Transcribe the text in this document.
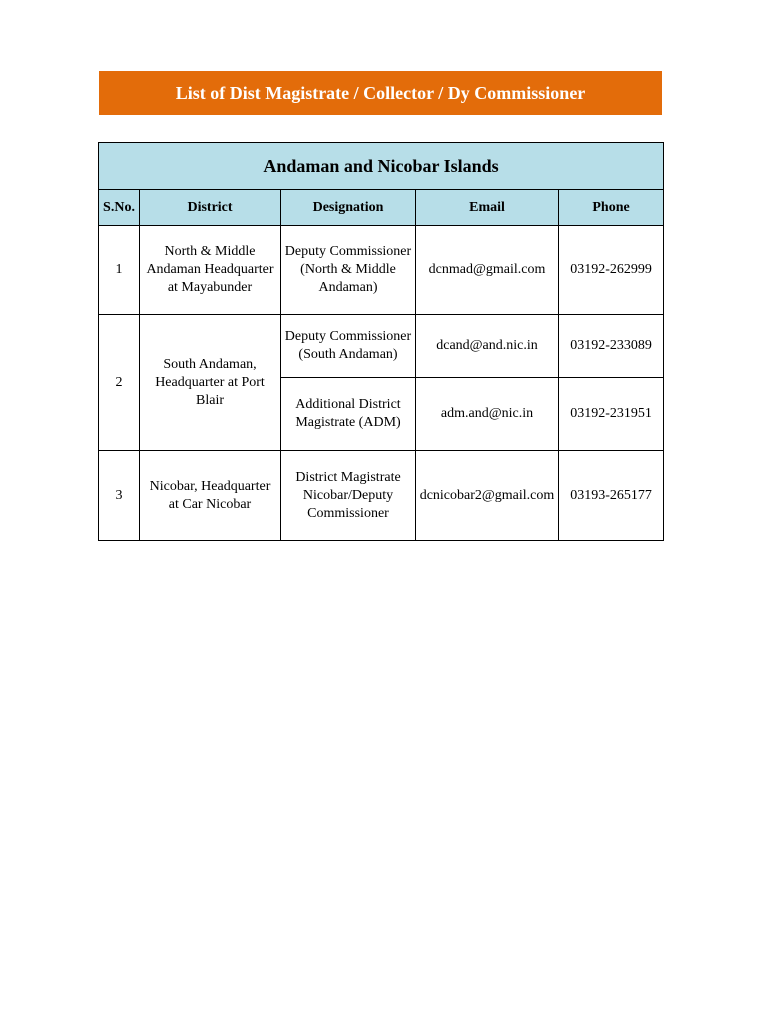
List of Dist Magistrate / Collector / Dy Commissioner
Andaman and Nicobar Islands				
S.No.	District	Designation	Email	Phone
1	North & Middle Andaman Headquarter at Mayabunder	Deputy Commissioner (North & Middle Andaman)	dcnmad@gmail.com	03192-262999
2	South Andaman, Headquarter at Port Blair	Deputy Commissioner (South Andaman)	dcand@and.nic.in	03192-233089
		Additional District Magistrate (ADM)	adm.and@nic.in	03192-231951
3	Nicobar, Headquarter at Car Nicobar	District Magistrate Nicobar/Deputy Commissioner	dcnicobar2@gmail.com	03193-265177
